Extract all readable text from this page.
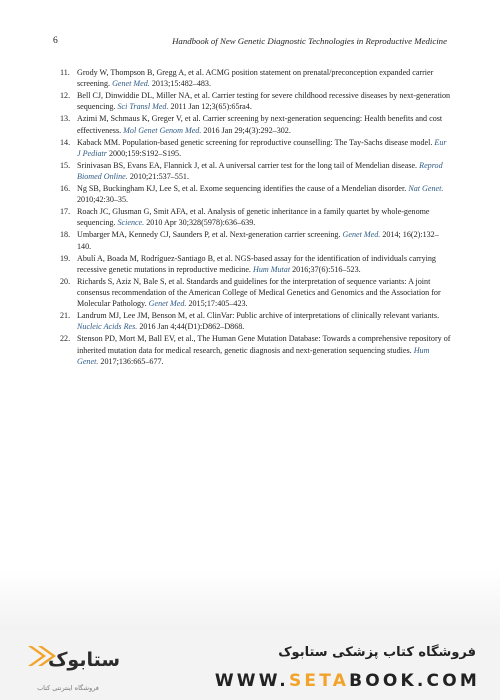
6	Handbook of New Genetic Diagnostic Technologies in Reproductive Medicine
11. Grody W, Thompson B, Gregg A, et al. ACMG position statement on prenatal/preconception expanded carrier screening. Genet Med. 2013;15:482–483.
12. Bell CJ, Dinwiddie DL, Miller NA, et al. Carrier testing for severe childhood recessive diseases by next-generation sequencing. Sci Transl Med. 2011 Jan 12;3(65):65ra4.
13. Azimi M, Schmaus K, Greger V, et al. Carrier screening by next-generation sequencing: Health benefits and cost effectiveness. Mol Genet Genom Med. 2016 Jan 29;4(3):292–302.
14. Kaback MM. Population-based genetic screening for reproductive counselling: The Tay-Sachs disease model. Eur J Pediatr 2000;159:S192–S195.
15. Srinivasan BS, Evans EA, Flannick J, et al. A universal carrier test for the long tail of Mendelian disease. Reprod Biomed Online. 2010;21:537–551.
16. Ng SB, Buckingham KJ, Lee S, et al. Exome sequencing identifies the cause of a Mendelian disorder. Nat Genet. 2010;42:30–35.
17. Roach JC, Glusman G, Smit AFA, et al. Analysis of genetic inheritance in a family quartet by whole-genome sequencing. Science. 2010 Apr 30;328(5978):636–639.
18. Umbarger MA, Kennedy CJ, Saunders P, et al. Next-generation carrier screening. Genet Med. 2014; 16(2):132–140.
19. Abulí A, Boada M, Rodríguez-Santiago B, et al. NGS-based assay for the identification of individuals carrying recessive genetic mutations in reproductive medicine. Hum Mutat 2016;37(6):516–523.
20. Richards S, Aziz N, Bale S, et al. Standards and guidelines for the interpretation of sequence variants: A joint consensus recommendation of the American College of Medical Genetics and Genomics and the Association for Molecular Pathology. Genet Med. 2015;17:405–423.
21. Landrum MJ, Lee JM, Benson M, et al. ClinVar: Public archive of interpretations of clinically relevant variants. Nucleic Acids Res. 2016 Jan 4;44(D1):D862–D868.
22. Stenson PD, Mort M, Ball EV, et al., The Human Gene Mutation Database: Towards a comprehensive repository of inherited mutation data for medical research, genetic diagnosis and next-generation sequencing studies. Hum Genet. 2017;136:665–677.
ستابوک
فروشگاه اینترنتی کتاب
فروشگاه کتاب پزشکی ستابوک
WWW.SETABOOK.COM
